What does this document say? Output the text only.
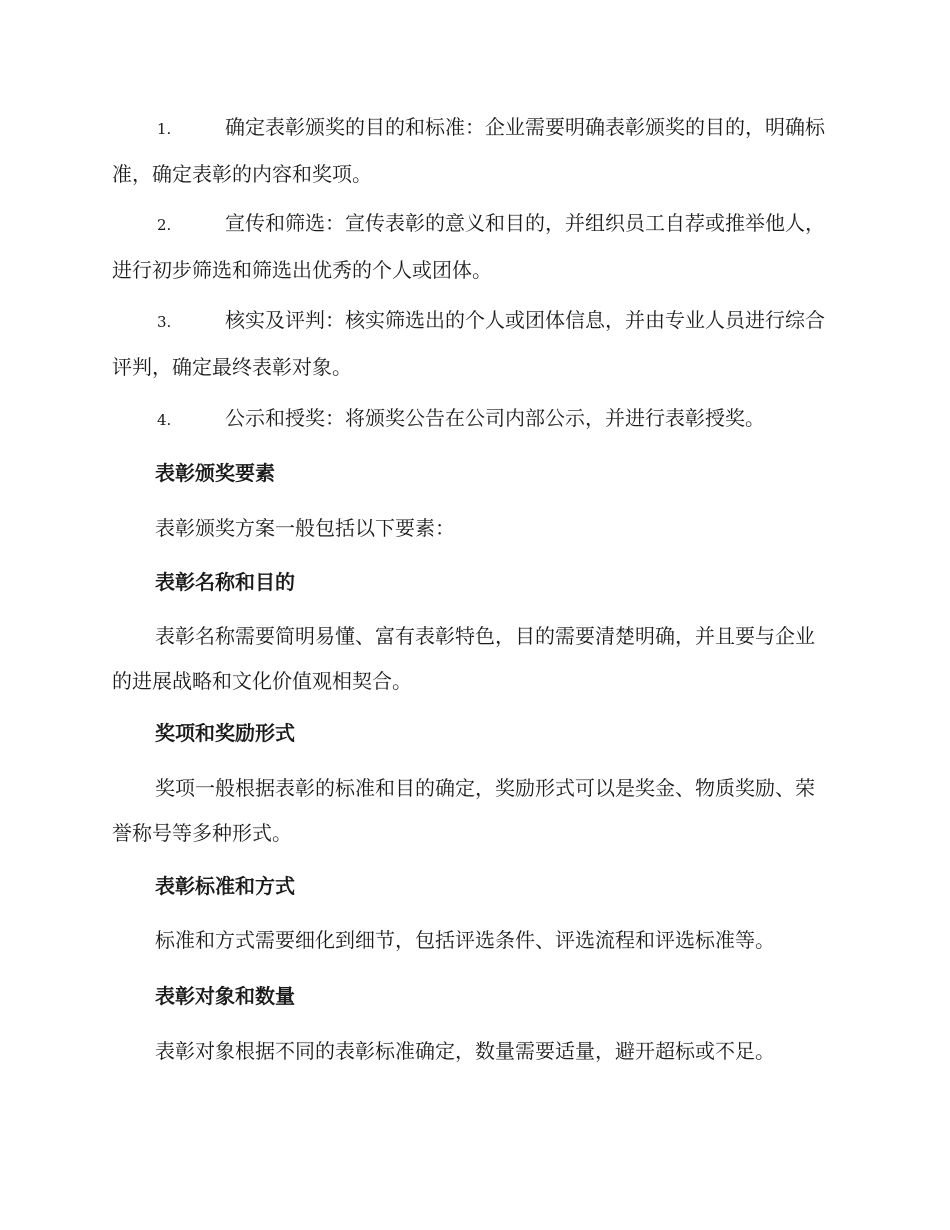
1.	确定表彰颁奖的目的和标准：企业需要明确表彰颁奖的目的，明确标准，确定表彰的内容和奖项。

2.	宣传和筛选：宣传表彰的意义和目的，并组织员工自荐或推举他人，进行初步筛选和筛选出优秀的个人或团体。

3.	核实及评判：核实筛选出的个人或团体信息，并由专业人员进行综合评判，确定最终表彰对象。

4.	公示和授奖：将颁奖公告在公司内部公示，并进行表彰授奖。

表彰颁奖要素

表彰颁奖方案一般包括以下要素：

表彰名称和目的

表彰名称需要简明易懂、富有表彰特色，目的需要清楚明确，并且要与企业的进展战略和文化价值观相契合。

奖项和奖励形式

奖项一般根据表彰的标准和目的确定，奖励形式可以是奖金、物质奖励、荣誉称号等多种形式。

表彰标准和方式

标准和方式需要细化到细节，包括评选条件、评选流程和评选标准等。

表彰对象和数量

表彰对象根据不同的表彰标准确定，数量需要适量，避开超标或不足。
